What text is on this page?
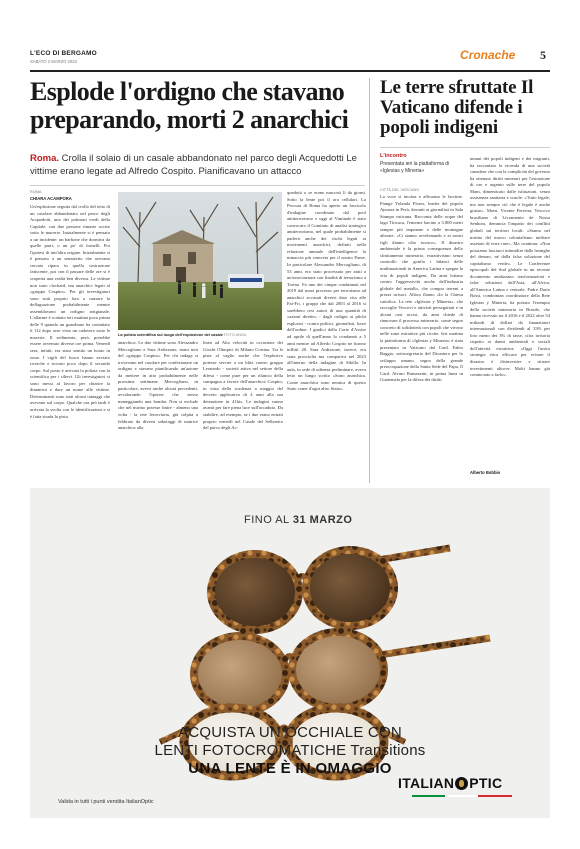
L'ECO DI BERGAMO
SABATO 2 MARZO 2024	Cronache 5
Esplode l'ordigno che stavano preparando, morti 2 anarchici
Roma. Crolla il solaio di un casale abbandonato nel parco degli Acquedotti Le vittime erano legate ad Alfredo Cospito. Pianificavano un attacco
ROMA
CHIARA ACAMPORA
Un'esplosione seguita dal crollo del tetto di un casolare abbandonato nel parco degli Acquedotti, uno dei polmoni verdi della Capitale, con due persone rimaste uccise sotto le macerie. Inizialmente si è pensato a un incidente: un barbone che dormiva da quelle parti, o un po' di fornelli. Poi l'ipotesi di tutt'altra origine. Inizialmente si è pensato a un senzatetto che avevano cercato riparo in quella costruzione fatiscente, poi con il passare delle ore si è scoperta una realtà ben diversa. Le vittime non sono clochard, ma anarchici legati al «gruppo Cospito». Per gli investigatori sono stati proprio loro a causare la deflagrazione probabilmente mentre assemblavano un ordigno artigianale. L'allarme è scattato ieri mattina poco prima delle 9 quando un guardiano ha contattato il 112 dopo aver visto un cadavere sotto le macerie. Il sedimento, però, potrebbe essere avvenuto diverse ore prima. Venerdì sera, infatti, era stato sentito un boato in zona. I vigili del fuoco hanno avviato ricerche e trovato poco dopo il secondo corpo. Sul posto è arrivata la polizia con la scientifica per i rilievi. Gli investigatori si sono messi al lavoro per chiarire la dinamica e dare un nome alle vittime. Determinanti sono stati alcuni tatuaggi che avevano sul corpo. Qualche ora più tardi è arrivata la svolta con le identificazioni e si è fatta strada la pista
La polizia scientifica sul luogo dell'esplosione del casale FOTO ANSA
anarchica. Le due vittime sono Alessandro Mercogliano e Sara Ardizzone, nomi noti del «gruppo Cospito». Per chi indaga si trovavano nel casolare per confezionare un ordigno e stavano pianificando un'azione da mettere in atto probabilmente nelle prossime settimane. Mercogliano, in particolare, aveva anche alcuni precedenti, avvalorando l'ipotesi che stesse maneggiando una bomba. Non si esclude che nel mirino potesse finire - almeno una volta - la rete ferroviaria, già colpita a febbraio da diversi sabotaggi di matrice anarchica alla
linea ad Alta velocità in occasione dei Giochi Olimpici di Milano Cortina. Tra le piste al vaglio anche che l'esplosivo potesse servire a un blitz contro gruppo Leonardo - società attiva nel settore della difesa - come pure per un rilancio della campagna a favore dell'anarchico Cospito, in vista della scadenza a maggio del decreto applicativo di 4 anni alla sua detenzione in 41bis. Le indagini vanno avanti per fare piena luce sull'accaduto. Da stabilire, ad esempio, se i due erano entrati proprio venerdì nel Casale del Sellaretto del parco degli Ac-
quedotti o se erano nascosti lì da giorni. Sotto la lente poi il ora cellulari. La Procura di Roma ha aperto un fascicolo d'indagine coordinato dal pool antiterrorismo e oggi al Viminale è stato convocato il Comitato di analisi strategica antiterrorismo, nel quale probabilmente si parlerà anche dei rischi legati ai movimenti anarchici, definiti nella relazione annuale dell'intelligence la minaccia più concreta per il nostro Paese. In particolare Alessandro Mercogliano, di 53 anni, era stato processato per aiuti a un'associazione con finalità di terrorismo a Torino. Fa uno dei cinque condannati nel 2019 dal maxi processo per terrorismo ad anarchici accusati diversi dato vita alle Fai-Fri, i gruppi che dal 2003 al 2016 si sarebbero resi autori di una quantità di «azioni dirette» - dagli ordigni ai plichi esplosivi - contro politici, giornalisti, forze dell'ordine. I giudici della Corte d'Assise ad aprile di quell'anno lo condannò a 5 anni mentre ad Alfredo Cospito ne furono inflitti 20. Sara Ardizzone, invece, era stata prosciolta ma compariva nel 2023 all'interno della indagine di Sibilla. In aula, in sede di udienza preliminare, aveva letto un lungo scritto «Sono anarchica. Come anarchica sono nemica di questo Stato come d'ogni altro Stato».
Le terre sfruttate Il Vaticano difende i popoli indigeni
L'incontro
Presentata ieri la piattaforma di «Iglesias y Mineria»
CITTÀ DEL VATICANO
La voce si incrina e affiorano le lacrime. Piange Yolanda Flores, leader del popolo Aymara in Perù, davanti ai giornalisti in Sala Stampa vaticana. Racconta delle acque del lago Titicaca, l'enorme bacino a 3.800 metri sempre più inquinate e delle montagne alterate. «Ci stanno avvelenando e ai nostri figli diamo cibo tossico». Il disastro ambientale è la prima conseguenza dello sfruttamento minerario, estrattivismo senza controllo che gonfia i bilanci delle multinazionali in America Latina e spegne la vita di popoli indigeni. Da anni lottano contro l'aggressività anche dell'industria globale del metallo, che compra terreni a prezzi irrisori. Allora flanno «Io la Chiesa cattolica. La rete «Iglesias y Mineria», che raccoglie Vescovi e attivisti perseguitati e in alcuni casi uccisi, da anni chiede di rinnovare il processo minerario, come segno concreto di solidarietà con popoli che vivono nelle zone estrattive più ricche. Ieri mattina la piattaforma di «Iglesias y Mineria» è stata presentata in Vaticano dal Card. Fabio Baggio, sottosegretario del Dicastero per lo sviluppo umano, segno della grande preoccupazione della Santa Sede del Papa, Il Card. Alvaro Ramazzini, in prima linea in Guatemala per la difesa dei diritti
umani dei popoli indigeni e dei migranti, ha raccontato la vicenda di una società canadese che con la complicità del governo ha ottenuto diritti minerari per l'estrazione di oro e argento sulle terre del popolo Mam, dimenticato dalle istituzioni, senza assistenza sanitaria e scuole: «Tutto legale, ma non sempre ciò che è legale è anche giusto». Mons. Vicente Ferreira, Vescovo brasiliano di Livramento de Nossa Senhora, denuncia l'impatto dei conflitti globali sui territori locali: «Siamo nel mirino del nuovo colonialismo militare assetato di terre rare». Ma continua: «Non possiamo lasciarci intimidire dalle lusinghe del denaro, né dalla falsa soluzione del capitalismo verde». Le Conferenze episcopali del Sud globale in un recente documento analizzano trasformazioni e false soluzioni dall'Asia, all'Africa, all'America Latina e centrale. Padre Dario Bossi, combonian coordinatore della Rete Iglesias y Mineria, ha portato l'esempio della società mineraria in Brasile, che hanno ricevuto tra il 2016 e il 2022 oltre 54 miliardi di dollari da finanziatori internazionali con dividendi al 33% per loro meno dei 3% di tasse, cifra irrisoria rispetto ai danni ambientali e sociali dell'attività estrattiva: «Oggi l'unica strategia etica efficace per evitare il disastro è disinvestire e ritirare investimenti altrove. Molti hanno già cominciato a farlo».
Alberto Bobbio
FINO AL 31 MARZO
ACQUISTA UN OCCHIALE CON
LENTI FOTOCROMATICHE Transitions
UNA LENTE È IN OMAGGIO
Valida in tutti i punti vendita ItalianOptic
ITALIAN PTIC
